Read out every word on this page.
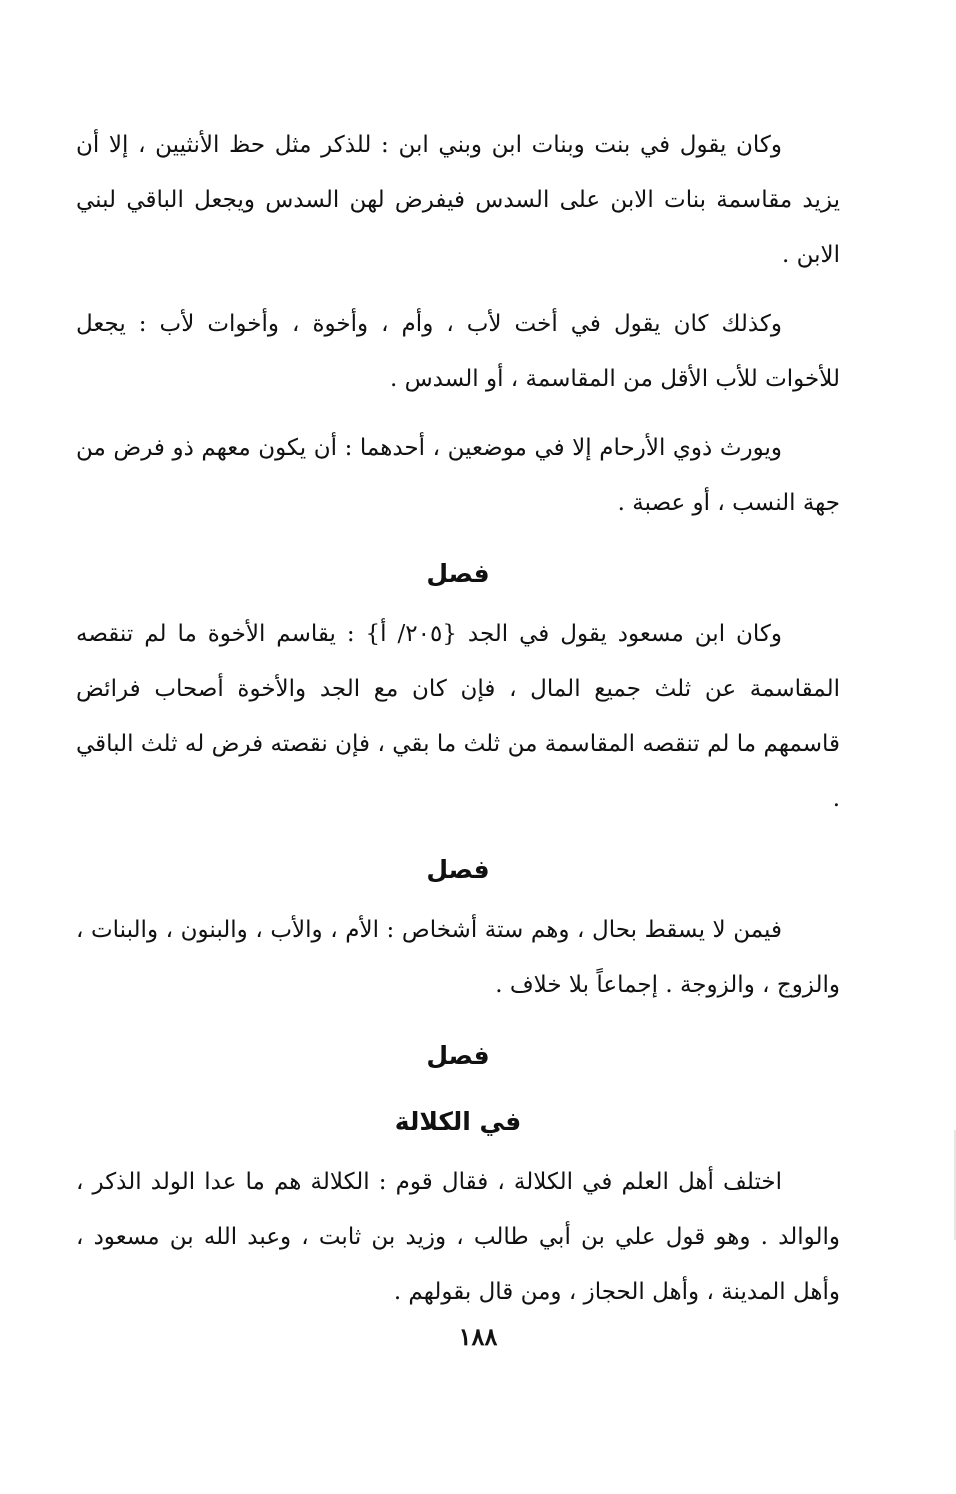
وكان يقول في بنت وبنات ابن وبني ابن : للذكر مثل حظ الأنثيين ، إلا أن يزيد مقاسمة بنات الابن على السدس فيفرض لهن السدس ويجعل الباقي لبني الابن .

وكذلك كان يقول في أخت لأب ، وأم ، وأخوة ، وأخوات لأب : يجعل للأخوات للأب الأقل من المقاسمة ، أو السدس .

ويورث ذوي الأرحام إلا في موضعين ، أحدهما : أن يكون معهم ذو فرض من جهة النسب ، أو عصبة .

فصل

وكان ابن مسعود يقول في الجد {٢٠٥/ أ} : يقاسم الأخوة ما لم تنقصه المقاسمة عن ثلث جميع المال ، فإن كان مع الجد والأخوة أصحاب فرائض قاسمهم ما لم تنقصه المقاسمة من ثلث ما بقي ، فإن نقصته فرض له ثلث الباقي .

فصل

فيمن لا يسقط بحال ، وهم ستة أشخاص : الأم ، والأب ، والبنون ، والبنات ، والزوج ، والزوجة . إجماعاً بلا خلاف .

فصل
في الكلالة

اختلف أهل العلم في الكلالة ، فقال قوم : الكلالة هم ما عدا الولد الذكر ، والوالد . وهو قول علي بن أبي طالب ، وزيد بن ثابت ، وعبد الله بن مسعود ، وأهل المدينة ، وأهل الحجاز ، ومن قال بقولهم .

١٨٨
